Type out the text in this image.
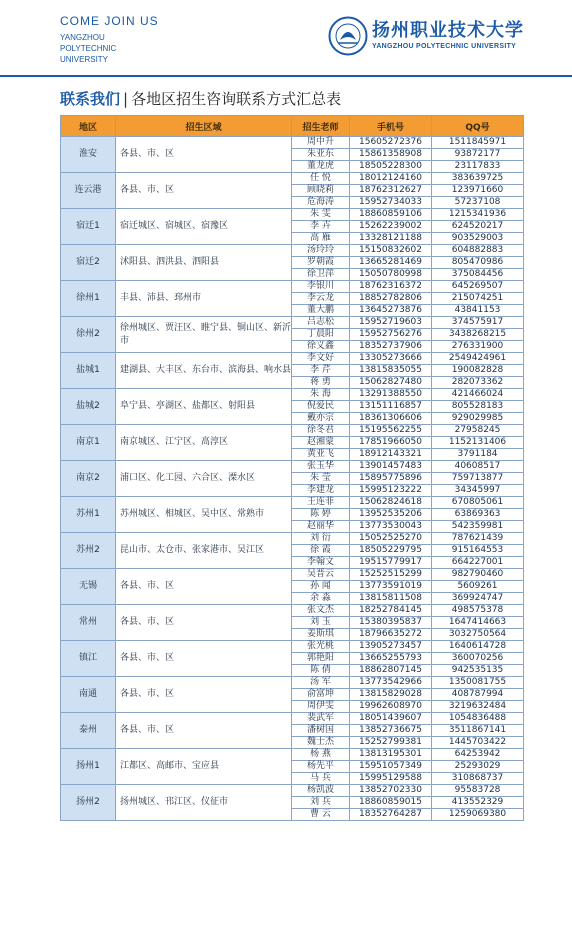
COME JOIN US
YANGZHOU
POLYTECHNIC
UNIVERSITY
扬州职业技术大学
YANGZHOU POLYTECHNIC UNIVERSITY
联系我们 | 各地区招生咨询联系方式汇总表
地区	招生区域	招生老师	手机号	QQ号
淮安	各县、市、区	周中升	15605272376	1511845971
		朱亚东	15861358908	93872177
		董龙虎	18505228300	23117833
连云港	各县、市、区	任 悦	18012124160	383639725
		顾晓莉	18762312627	123971660
		危海涛	15952734033	57237108
宿迁1	宿迁城区、宿城区、宿豫区	朱 雯	18860859106	1215341936
		李 卉	15262239002	624520217
		高 雁	13328121188	903529003
宿迁2	沭阳县、泗洪县、泗阳县	汤玲玲	15150832602	604882883
		罗朝霞	13665281469	805470986
		徐卫萍	15050780998	375084456
徐州1	丰县、沛县、邳州市	李银川	18762316372	645269507
		李云龙	18852782806	215074251
		董大鹏	13645273876	43841153
徐州2	徐州城区、贾汪区、睢宁县、铜山区、新沂市	吕志松	15952719603	374575917
		丁晨阳	15952756276	3438268215
		徐义鑫	18352737906	276331900
盐城1	建湖县、大丰区、东台市、滨海县、响水县	李文好	13305273666	2549424961
		李 芹	13815835055	190082828
		蒋 勇	15062827480	282073362
盐城2	阜宁县、亭湖区、盐都区、射阳县	朱 海	13291388550	421466024
		倪爱民	13151116857	805528183
		戴亦宗	18361306606	929029985
南京1	南京城区、江宁区、高淳区	徐冬君	15195562255	27958245
		赵湘蒙	17851966050	1152131406
		黄亚飞	18912143321	3791184
南京2	浦口区、化工园、六合区、溧水区	张玉华	13901457483	40608517
		朱 莹	15895775896	759713877
		李建龙	15995123222	34345997
苏州1	苏州城区、相城区、吴中区、常熟市	王连菲	15062824618	670805061
		陈 婷	13952535206	63869363
		赵丽华	13773530043	542359981
苏州2	昆山市、太仓市、张家港市、吴江区	刘 衍	15052525270	787621439
		徐 霞	18505229795	915164553
		李翰文	19515779917	664227001
无锡	各县、市、区	吴晋云	15252515299	982790460
		孙 闻	13773591019	5609261
		余 淼	13815811508	369924747
常州	各县、市、区	张文杰	18252784145	498575378
		刘 玉	15380395837	1647414663
		姜斯琪	18796635272	3032750564
镇江	各县、市、区	张光桃	13905273457	1640614728
		郭艳阳	13665255793	360070256
		陈 倩	18862807145	942535135
南通	各县、市、区	汤 军	13773542966	1350081755
		俞富坤	13815829028	408787994
		周伊雯	19962608970	3219632484
泰州	各县、市、区	裴武军	18051439607	1054836488
		潘树国	13852736675	3511867141
		魏士杰	15252799381	1445703422
扬州1	江都区、高邮市、宝应县	杨 燕	13813195301	64253942
		杨先平	15951057349	25293029
		马 兵	15995129588	310868737
扬州2	扬州城区、邗江区、仪征市	杨凯波	13852702330	95583728
		刘 兵	18860859015	413552329
		曹 云	18352764287	1259069380
